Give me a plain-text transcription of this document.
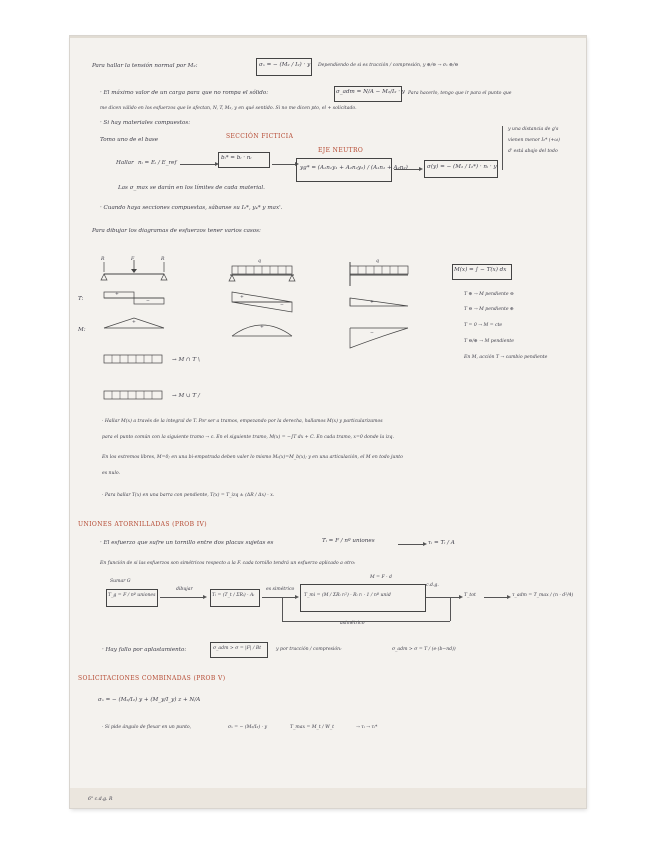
Para hallar la tensión normal por M₂:	σₓ = − (M₂ / I₂) · y Dependiendo de si es tracción / compresión, y ⊕/⊖ → σₓ ⊕/⊖
· El máximo valor de un carga para que no rompa el sólido:	σ_adm = N/A − M₂/I₂ · y Para hacerlo, tengo que ir para el punto que
me dicen válido en los esfuerzos que le afectan, N, T, M₂, y en qué sentido. Si no me dicen pto, el + solicitado.
· Si hay materiales compuestos:
y una distancia de g's
vienen menor I₂* (+ω)
d' está abajo del todo
Tomo uno de el base	SECCIÓN FICTICIA
EJE NEUTRO
Hallar nᵢ = Eᵢ / E_ref
bᵢ* = bᵢ · nᵢ
yg* = (A₁n₁y₁ + A₂n₂y₂) / (A₁n₁ + A₂n₂)	σ(y) = − (M₂ / I₂*) · nᵢ · y
Las σ_max se darán en los límites de cada material.
· Cuando haya secciones compuestas, sábanse su I₂*, y₄* y max'.
Para dibujar los diagramas de esfuerzos tener varios casos:
T:
M:
F
R	R
+
−
+
q
+
−
+
q
+
−
→ M ∩ T \
→ M ∪ T /
M(x) = ∫ − T(x) dx
T ⊕ → M pendiente ⊖
T ⊖ → M pendiente ⊕
T = 0 → M = cte
T ⊖/⊕ → M pendiente
En M, acción T → cambio pendiente
· Hallar M(x) a través de la integral de T. Por ser a tramos, empezando por la derecha, hallamos M(x) y particularizamos
para el punto común con la siguiente tramo → c. En el siguiente tramo, M(x) = −∫T dx + C. En cada tramo, x=0 donde la izq.
En los extremos libres, M=0; en una bi-empotrada deben valer lo mismo Mₐ(x)=M_b(x); y en una articulación, el M en todo junto
es nulo.
· Para hallar T(x) en una barra con pendiente, T(x) = T_izq ± (ΔR / Δx) · x.
UNIONES ATORNILLADAS (PROB IV)
· El esfuerzo que sufre un tornillo entre dos placas sujetas es	Tᵢ = F / nº uniones	τᵢ = Tᵢ / A
En función de si las esfuerzos son simétricos respecto a la F. cada tornillo tendrá un esfuerzo aplicado a otro:
Sumar G
T_g = F / nº uniones
dibujar
Tᵢ = (T_t / ΣRᵢ) · Aᵢ
es simétrico
T_mi = (M / ΣRᵢ rᵢ²) · Rᵢ rᵢ · 1 / nº unid
M = F · d
c.d.g.
asimétrico
T_tot	τ_adm = T_max / (n · d²/4)
· Hay fallo por aplastamiento:	σ_adm > σ = |F| / Bt	y por tracción / compresión:	σ_adm > σ = T / (e·(b−nd))
SOLICITACIONES COMBINADAS (PROB V)
σₓ = − (M₂/I₂) y + (M_y/I_y) z + N/A
· Si pide ángulo de flexar en un punto,	σₓ = − (M₂/I₂) · y	T_max = M_t / W_t	→ τᵢ → τᵢ*
6° c.d.g. R
